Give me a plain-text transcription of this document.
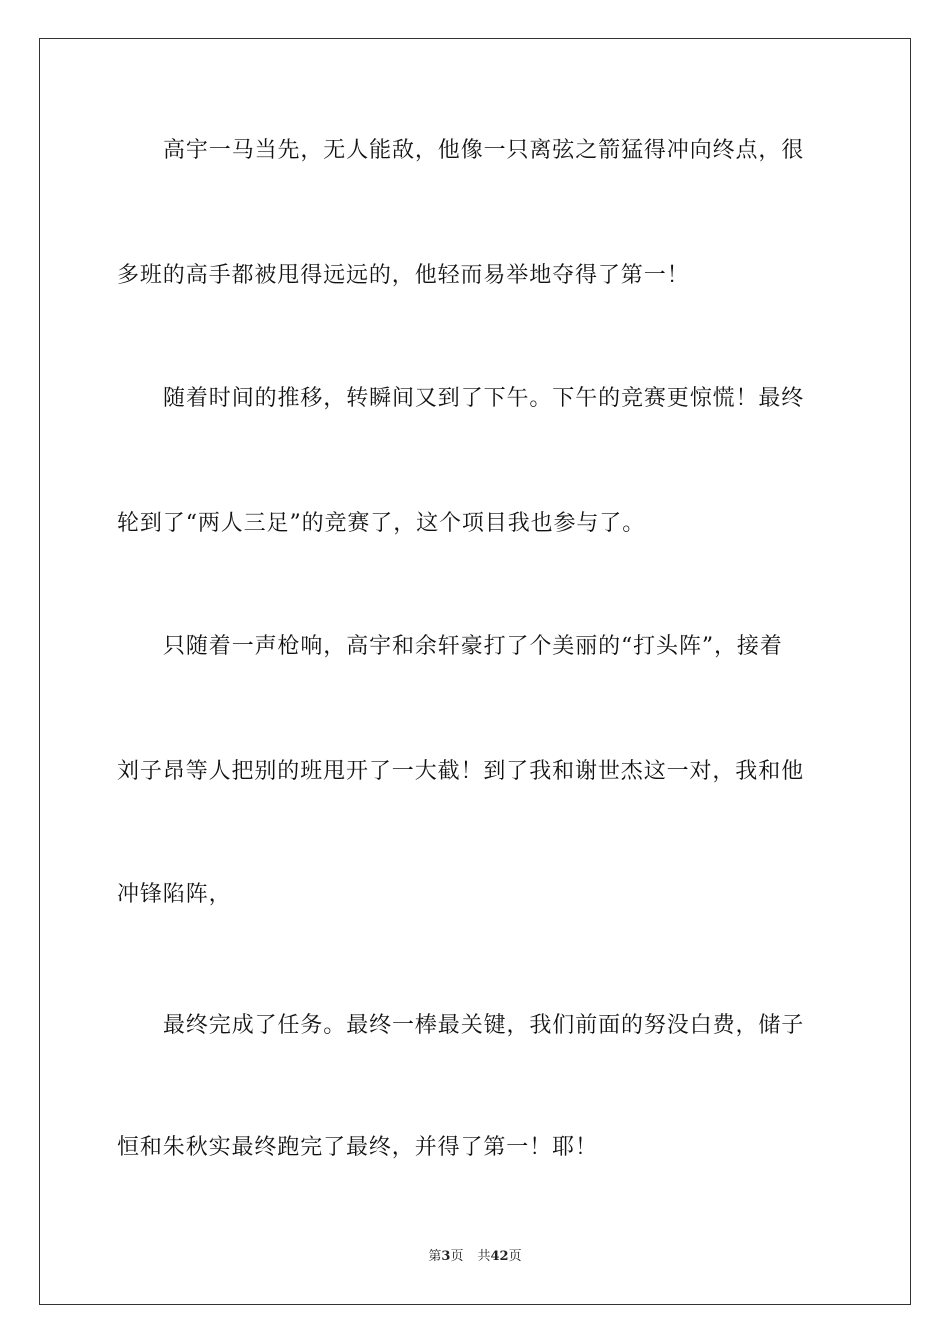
高宇一马当先，无人能敌，他像一只离弦之箭猛得冲向终点，很
多班的高手都被甩得远远的，他轻而易举地夺得了第一！
随着时间的推移，转瞬间又到了下午。下午的竞赛更惊慌！最终
轮到了“两人三足”的竞赛了，这个项目我也参与了。
只随着一声枪响，高宇和余轩豪打了个美丽的“打头阵”，接着
刘子昂等人把别的班甩开了一大截！到了我和谢世杰这一对，我和他
冲锋陷阵，
最终完成了任务。最终一棒最关键，我们前面的努没白费，储子
恒和朱秋实最终跑完了最终，并得了第一！耶！
第3页 共42页
